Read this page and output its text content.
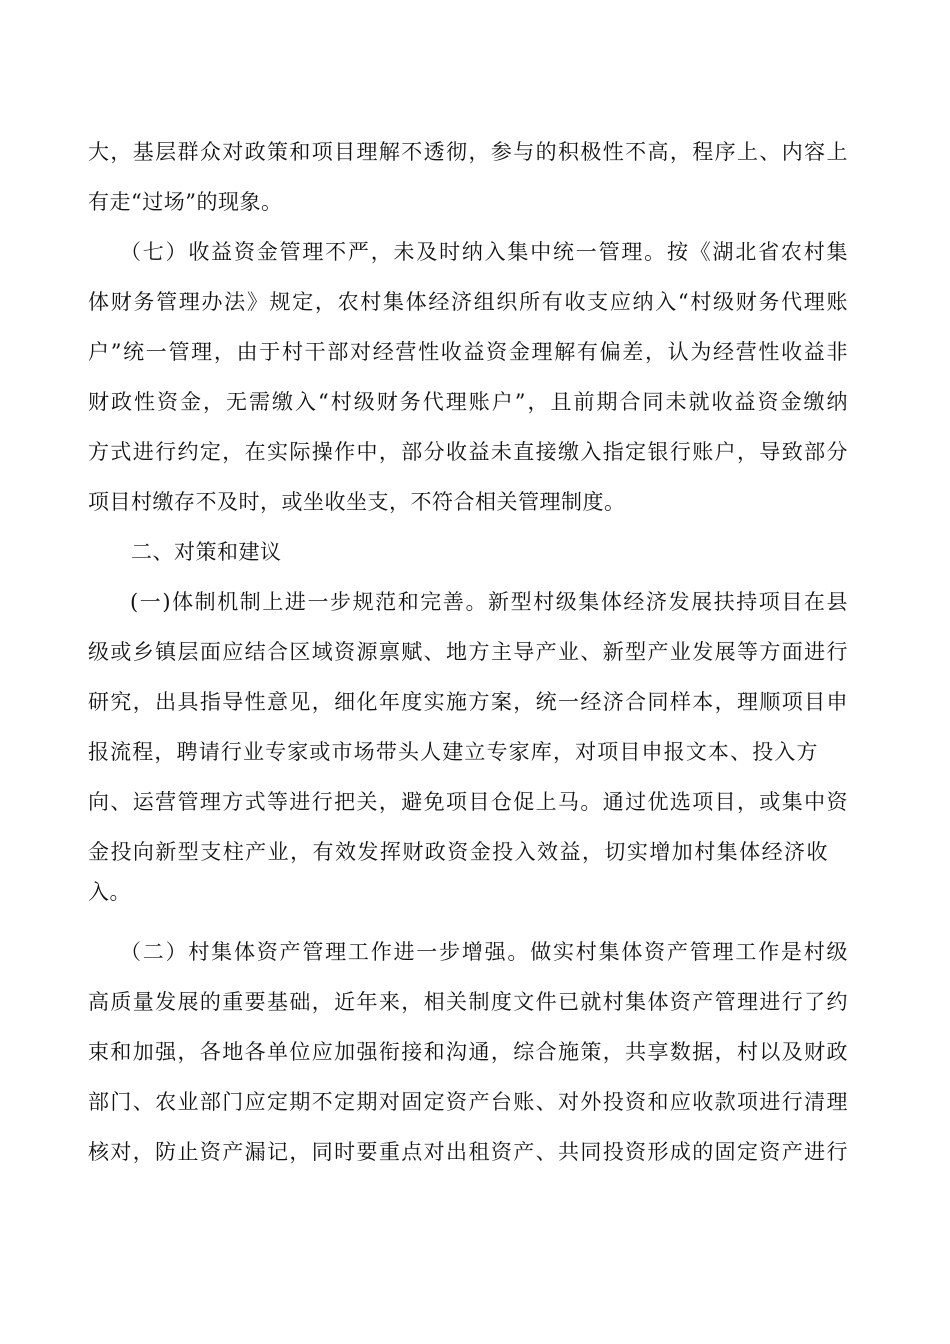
大，基层群众对政策和项目理解不透彻，参与的积极性不高，程序上、内容上
有走“过场”的现象。
（七）收益资金管理不严，未及时纳入集中统一管理。按《湖北省农村集
体财务管理办法》规定，农村集体经济组织所有收支应纳入“村级财务代理账
户”统一管理，由于村干部对经营性收益资金理解有偏差，认为经营性收益非
财政性资金，无需缴入“村级财务代理账户”，且前期合同未就收益资金缴纳
方式进行约定，在实际操作中，部分收益未直接缴入指定银行账户，导致部分
项目村缴存不及时，或坐收坐支，不符合相关管理制度。
二、对策和建议
(一)体制机制上进一步规范和完善。新型村级集体经济发展扶持项目在县
级或乡镇层面应结合区域资源禀赋、地方主导产业、新型产业发展等方面进行
研究，出具指导性意见，细化年度实施方案，统一经济合同样本，理顺项目申
报流程，聘请行业专家或市场带头人建立专家库，对项目申报文本、投入方
向、运营管理方式等进行把关，避免项目仓促上马。通过优选项目，或集中资
金投向新型支柱产业，有效发挥财政资金投入效益，切实增加村集体经济收
入。
（二）村集体资产管理工作进一步增强。做实村集体资产管理工作是村级
高质量发展的重要基础，近年来，相关制度文件已就村集体资产管理进行了约
束和加强，各地各单位应加强衔接和沟通，综合施策，共享数据，村以及财政
部门、农业部门应定期不定期对固定资产台账、对外投资和应收款项进行清理
核对，防止资产漏记，同时要重点对出租资产、共同投资形成的固定资产进行
